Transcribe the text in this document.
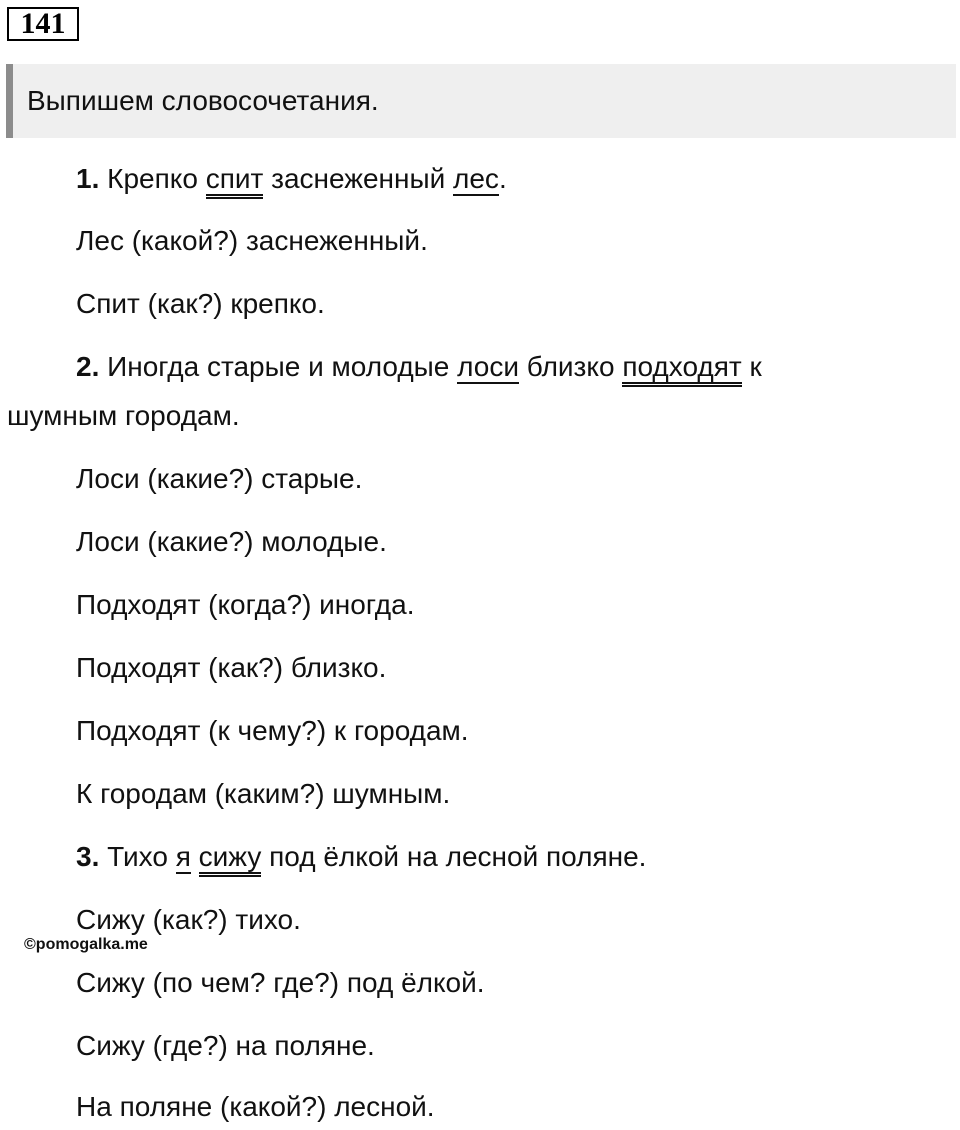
141
Выпишем словосочетания.
1. Крепко спит заснеженный лес.
Лес (какой?) заснеженный.
Спит (как?) крепко.
2. Иногда старые и молодые лоси близко подходят к
шумным городам.
Лоси (какие?) старые.
Лоси (какие?) молодые.
Подходят (когда?) иногда.
Подходят (как?) близко.
Подходят (к чему?) к городам.
К городам (каким?) шумным.
3. Тихо я сижу под ёлкой на лесной поляне.
Сижу (как?) тихо.
©pomogalka.me
Сижу (по чем? где?) под ёлкой.
Сижу (где?) на поляне.
На поляне (какой?) лесной.
